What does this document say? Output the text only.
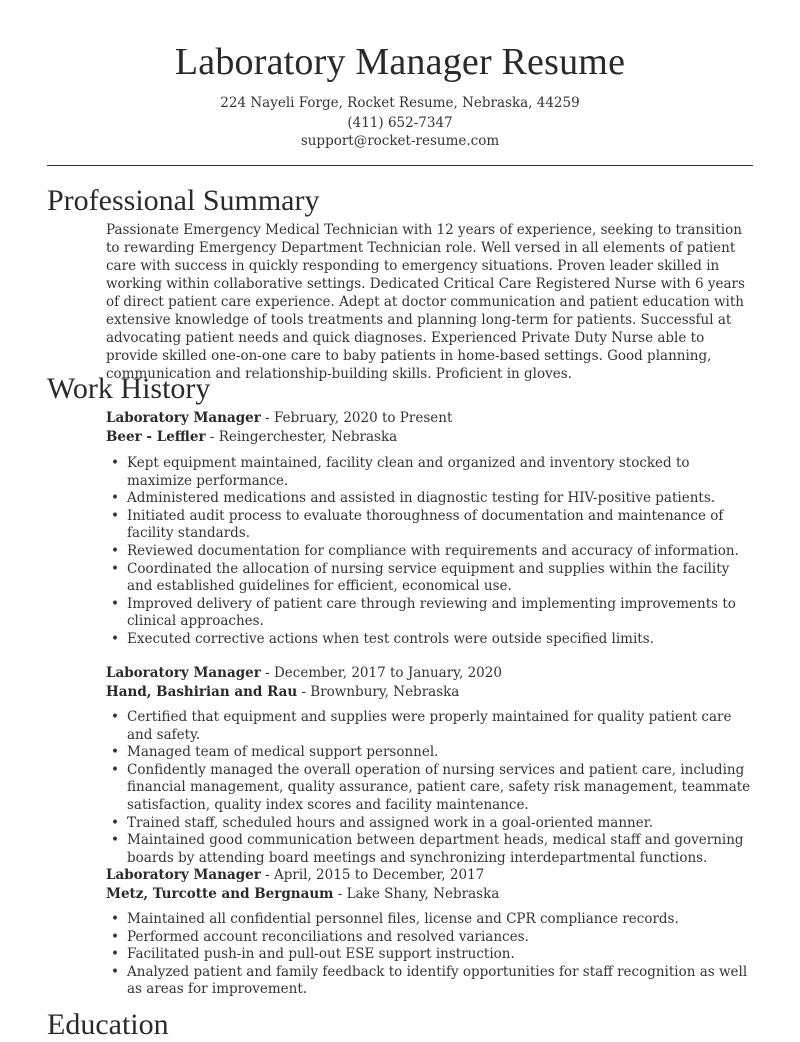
Laboratory Manager Resume
224 Nayeli Forge, Rocket Resume, Nebraska, 44259
(411) 652-7347
support@rocket-resume.com
Professional Summary

Passionate Emergency Medical Technician with 12 years of experience, seeking to transition to rewarding Emergency Department Technician role. Well versed in all elements of patient care with success in quickly responding to emergency situations. Proven leader skilled in working within collaborative settings. Dedicated Critical Care Registered Nurse with 6 years of direct patient care experience. Adept at doctor communication and patient education with extensive knowledge of tools treatments and planning long-term for patients. Successful at advocating patient needs and quick diagnoses. Experienced Private Duty Nurse able to provide skilled one-on-one care to baby patients in home-based settings. Good planning, communication and relationship-building skills. Proficient in gloves.

Work History
Laboratory Manager - February, 2020 to Present
Beer - Leffler - Reingerchester, Nebraska
• Kept equipment maintained, facility clean and organized and inventory stocked to maximize performance.
• Administered medications and assisted in diagnostic testing for HIV-positive patients.
• Initiated audit process to evaluate thoroughness of documentation and maintenance of facility standards.
• Reviewed documentation for compliance with requirements and accuracy of information.
• Coordinated the allocation of nursing service equipment and supplies within the facility and established guidelines for efficient, economical use.
• Improved delivery of patient care through reviewing and implementing improvements to clinical approaches.
• Executed corrective actions when test controls were outside specified limits.
Laboratory Manager - December, 2017 to January, 2020
Hand, Bashirian and Rau - Brownbury, Nebraska
• Certified that equipment and supplies were properly maintained for quality patient care and safety.
• Managed team of medical support personnel.
• Confidently managed the overall operation of nursing services and patient care, including financial management, quality assurance, patient care, safety risk management, teammate satisfaction, quality index scores and facility maintenance.
• Trained staff, scheduled hours and assigned work in a goal-oriented manner.
• Maintained good communication between department heads, medical staff and governing boards by attending board meetings and synchronizing interdepartmental functions.
Laboratory Manager - April, 2015 to December, 2017
Metz, Turcotte and Bergnaum - Lake Shany, Nebraska
• Maintained all confidential personnel files, license and CPR compliance records.
• Performed account reconciliations and resolved variances.
• Facilitated push-in and pull-out ESE support instruction.
• Analyzed patient and family feedback to identify opportunities for staff recognition as well as areas for improvement.
Education
